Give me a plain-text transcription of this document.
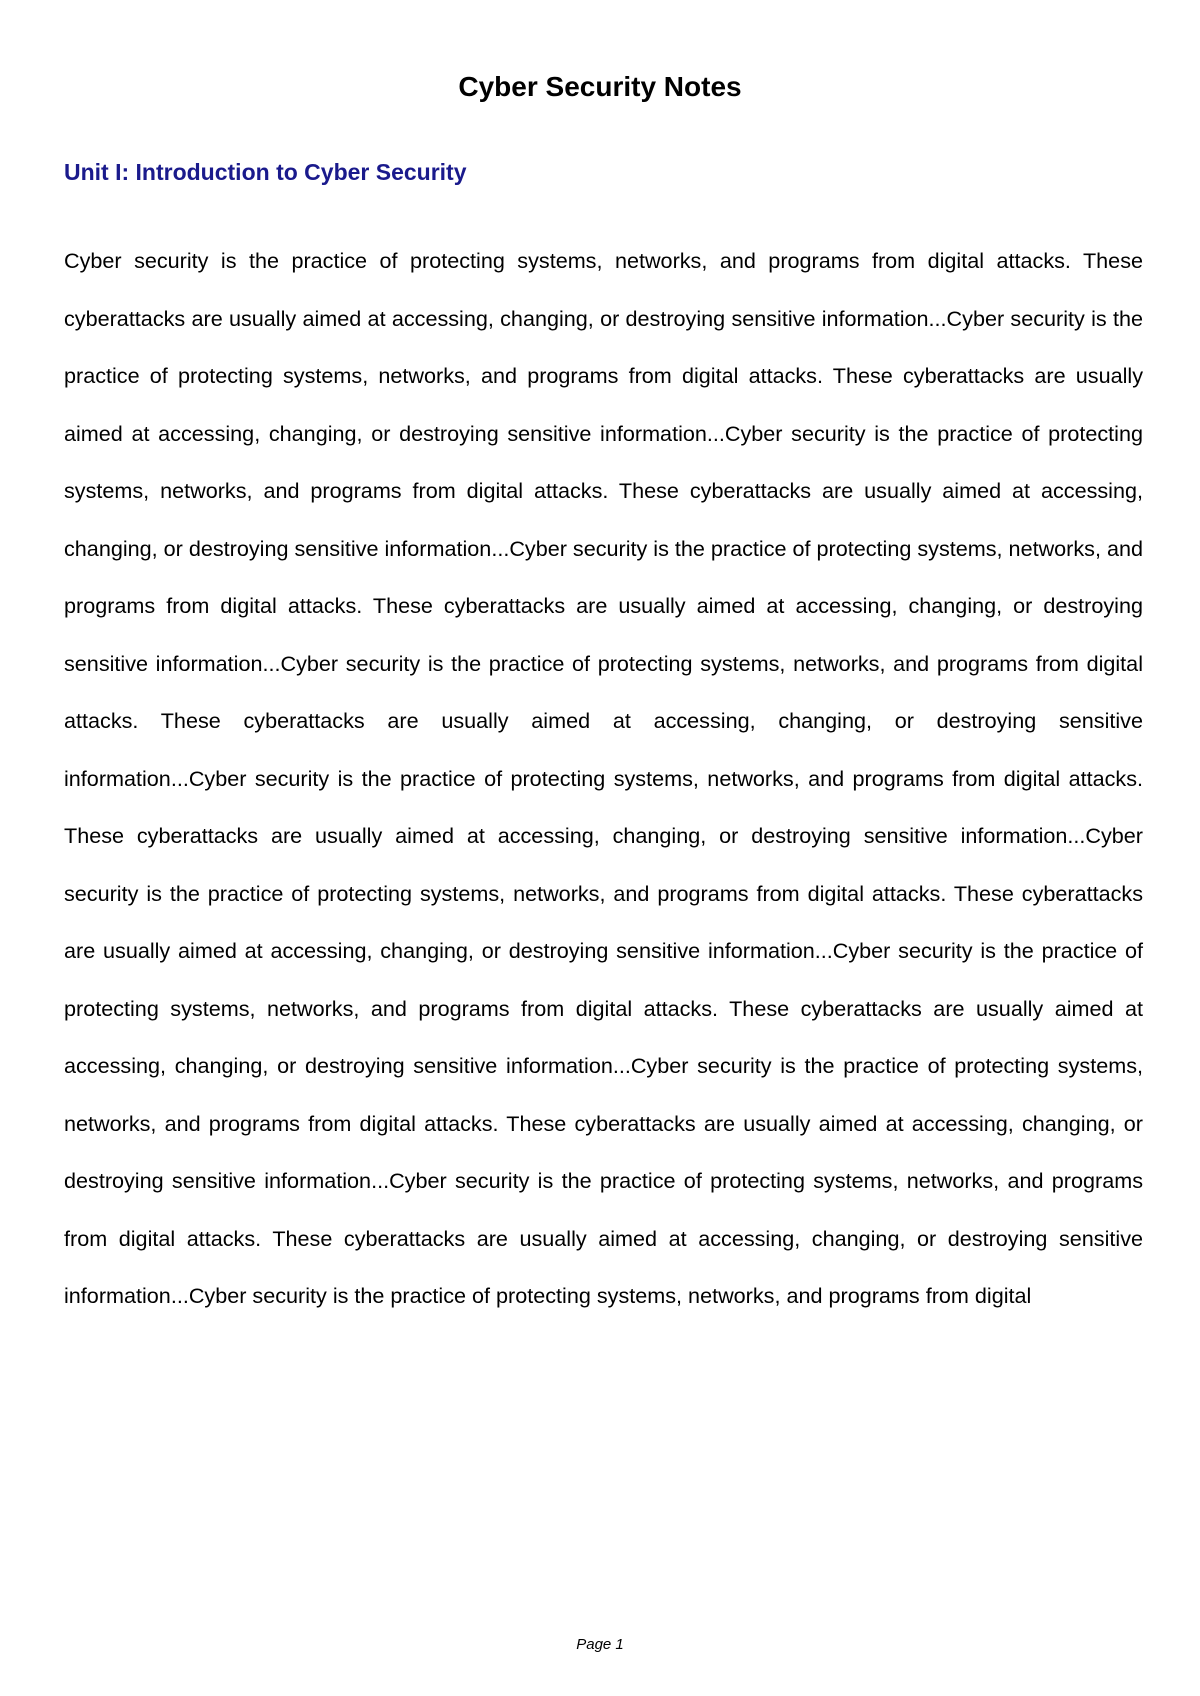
Cyber Security Notes
Unit I: Introduction to Cyber Security

Cyber security is the practice of protecting systems, networks, and programs from digital attacks. These cyberattacks are usually aimed at accessing, changing, or destroying sensitive information...Cyber security is the practice of protecting systems, networks, and programs from digital attacks. These cyberattacks are usually aimed at accessing, changing, or destroying sensitive information...Cyber security is the practice of protecting systems, networks, and programs from digital attacks. These cyberattacks are usually aimed at accessing, changing, or destroying sensitive information...Cyber security is the practice of protecting systems, networks, and programs from digital attacks. These cyberattacks are usually aimed at accessing, changing, or destroying sensitive information...Cyber security is the practice of protecting systems, networks, and programs from digital attacks. These cyberattacks are usually aimed at accessing, changing, or destroying sensitive information...Cyber security is the practice of protecting systems, networks, and programs from digital attacks. These cyberattacks are usually aimed at accessing, changing, or destroying sensitive information...Cyber security is the practice of protecting systems, networks, and programs from digital attacks. These cyberattacks are usually aimed at accessing, changing, or destroying sensitive information...Cyber security is the practice of protecting systems, networks, and programs from digital attacks. These cyberattacks are usually aimed at accessing, changing, or destroying sensitive information...Cyber security is the practice of protecting systems, networks, and programs from digital attacks. These cyberattacks are usually aimed at accessing, changing, or destroying sensitive information...Cyber security is the practice of protecting systems, networks, and programs from digital attacks. These cyberattacks are usually aimed at accessing, changing, or destroying sensitive information...Cyber security is the practice of protecting systems, networks, and programs from digital

Page 1
